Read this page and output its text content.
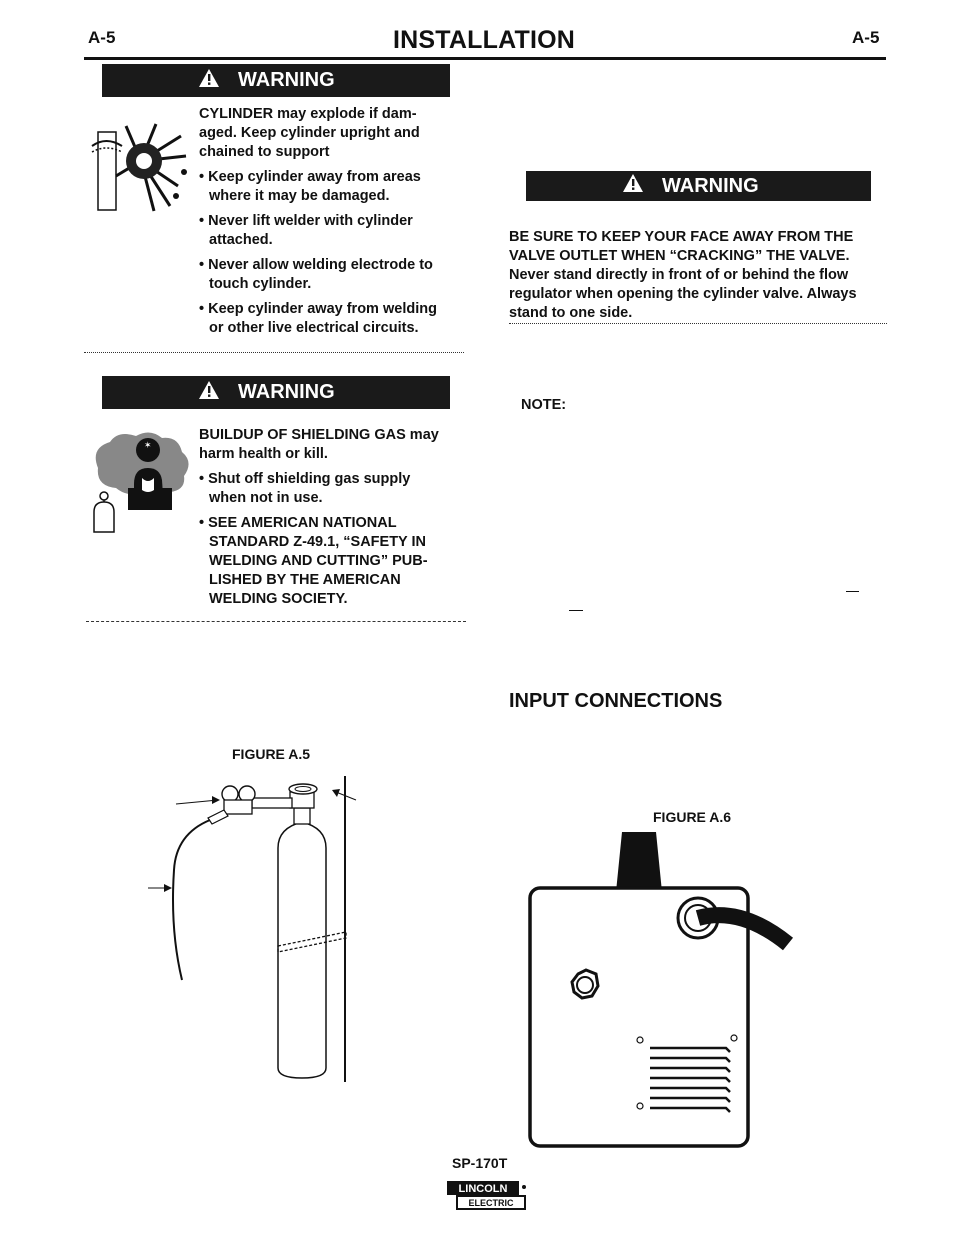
A-5	INSTALLATION	A-5
WARNING

CYLINDER may explode if dam-
aged. Keep cylinder upright and
chained to support

• Keep cylinder away from areas
where it may be damaged.

• Never lift welder with cylinder
attached.

• Never allow welding electrode to
touch cylinder.

• Keep cylinder away from welding
or other live electrical circuits.

WARNING
✶

BUILDUP OF SHIELDING GAS may
harm health or kill.

• Shut off shielding gas supply
when not in use.

• SEE AMERICAN NATIONAL
STANDARD Z-49.1, “SAFETY IN
WELDING AND CUTTING” PUB-
LISHED BY THE AMERICAN
WELDING SOCIETY.

WARNING
BE SURE TO KEEP YOUR FACE AWAY FROM THE
VALVE OUTLET WHEN “CRACKING” THE VALVE.
Never stand directly in front of or behind the flow
regulator when opening the cylinder valve. Always
stand to one side.
NOTE:
INPUT CONNECTIONS
FIGURE A.5
FIGURE A.6
SP-170T
LINCOLN
ELECTRIC
